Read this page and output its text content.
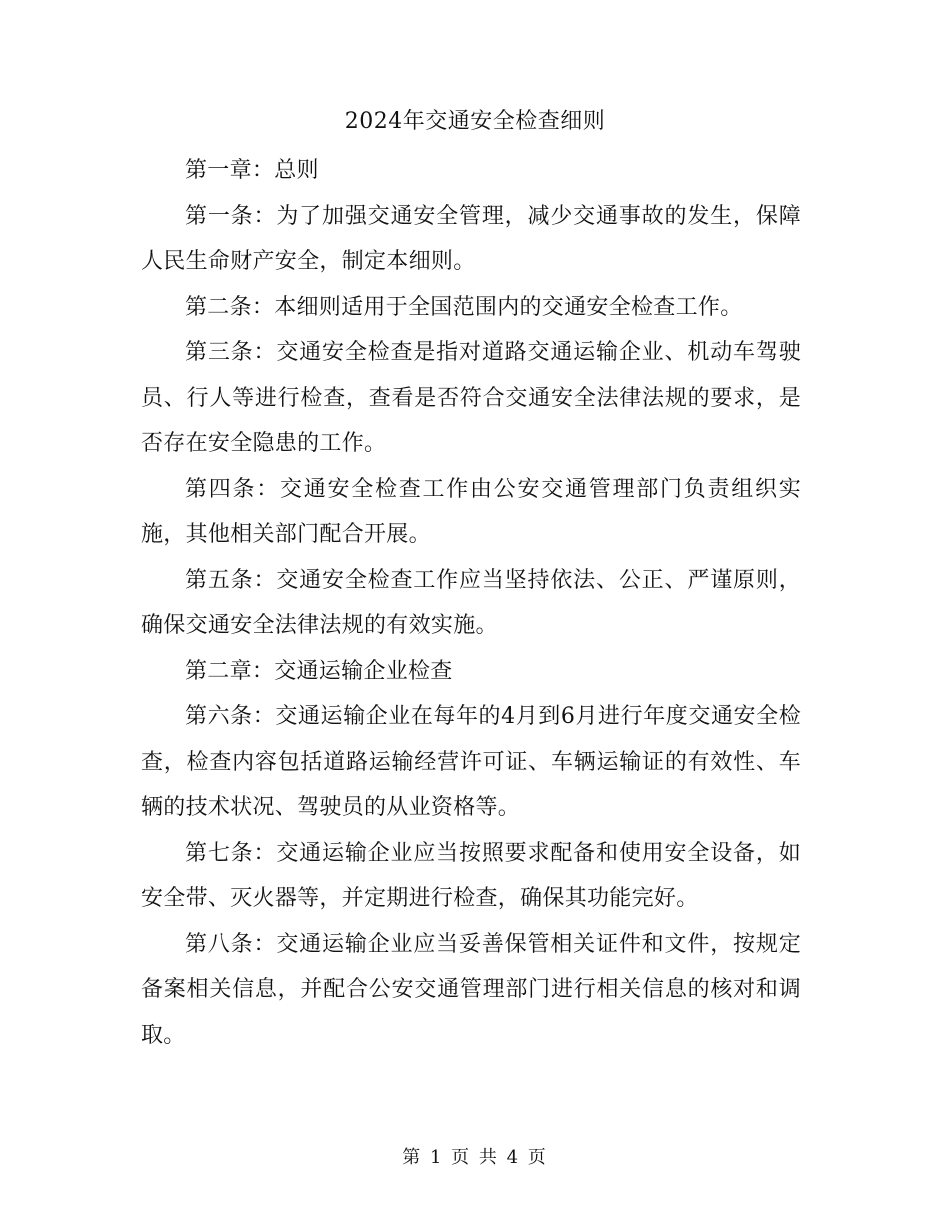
2024年交通安全检查细则

第一章：总则

第一条：为了加强交通安全管理，减少交通事故的发生，保障人民生命财产安全，制定本细则。

第二条：本细则适用于全国范围内的交通安全检查工作。

第三条：交通安全检查是指对道路交通运输企业、机动车驾驶员、行人等进行检查，查看是否符合交通安全法律法规的要求，是否存在安全隐患的工作。

第四条：交通安全检查工作由公安交通管理部门负责组织实施，其他相关部门配合开展。

第五条：交通安全检查工作应当坚持依法、公正、严谨原则，确保交通安全法律法规的有效实施。

第二章：交通运输企业检查

第六条：交通运输企业在每年的4月到6月进行年度交通安全检查，检查内容包括道路运输经营许可证、车辆运输证的有效性、车辆的技术状况、驾驶员的从业资格等。

第七条：交通运输企业应当按照要求配备和使用安全设备，如安全带、灭火器等，并定期进行检查，确保其功能完好。

第八条：交通运输企业应当妥善保管相关证件和文件，按规定备案相关信息，并配合公安交通管理部门进行相关信息的核对和调取。

第 1 页 共 4 页
